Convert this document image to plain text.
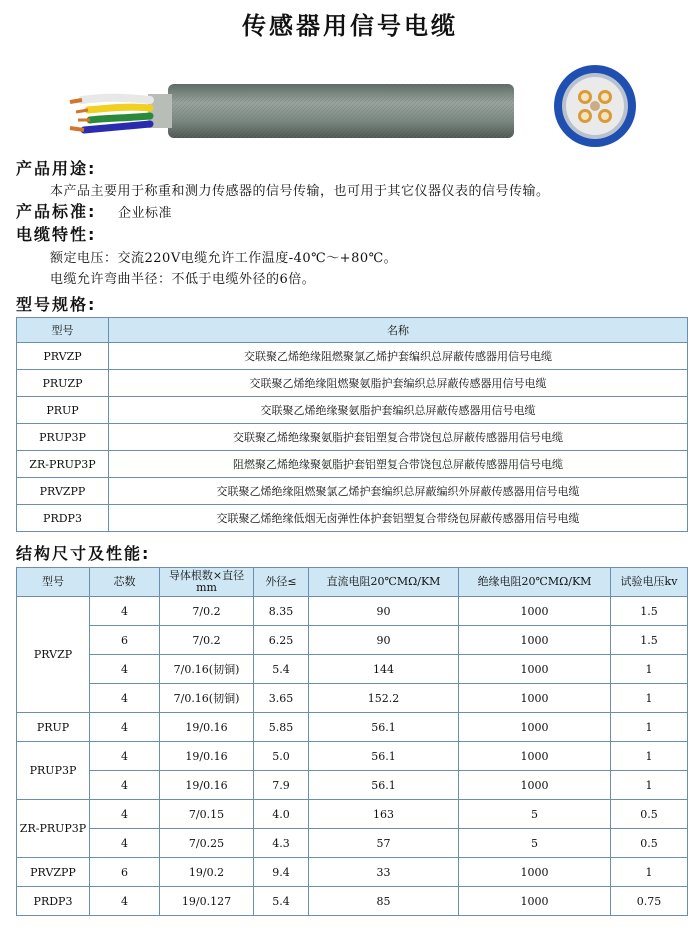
传感器用信号电缆
产品用途:
本产品主要用于称重和测力传感器的信号传输，也可用于其它仪器仪表的信号传输。
产品标准: 企业标准
电缆特性:
额定电压：交流220V电缆允许工作温度-40℃～+80℃。
电缆允许弯曲半径：不低于电缆外径的6倍。
型号规格:
型号	名称
PRVZP	交联聚乙烯绝缘阻燃聚氯乙烯护套编织总屏蔽传感器用信号电缆
PRUZP	交联聚乙烯绝缘阻燃聚氨脂护套编织总屏蔽传感器用信号电缆
PRUP	交联聚乙烯绝缘聚氨脂护套编织总屏蔽传感器用信号电缆
PRUP3P	交联聚乙烯绝缘聚氨脂护套铝塑复合带饶包总屏蔽传感器用信号电缆
ZR-PRUP3P	阻燃聚乙烯绝缘聚氨脂护套铝塑复合带饶包总屏蔽传感器用信号电缆
PRVZPP	交联聚乙烯绝缘阻燃聚氯乙烯护套编织总屏蔽编织外屏蔽传感器用信号电缆
PRDP3	交联聚乙烯绝缘低烟无卤弹性体护套铝塑复合带绕包屏蔽传感器用信号电缆
结构尺寸及性能:
型号	芯数	导体根数×直径 mm	外径≤	直流电阻20℃MΩ/KM	绝缘电阻20℃MΩ/KM	试验电压kv
PRVZP	4	7/0.2	8.35	90	1000	1.5
	6	7/0.2	6.25	90	1000	1.5
	4	7/0.16(韧铜)	5.4	144	1000	1
	4	7/0.16(韧铜)	3.65	152.2	1000	1
PRUP	4	19/0.16	5.85	56.1	1000	1
PRUP3P	4	19/0.16	5.0	56.1	1000	1
	4	19/0.16	7.9	56.1	1000	1
ZR-PRUP3P	4	7/0.15	4.0	163	5	0.5
	4	7/0.25	4.3	57	5	0.5
PRVZPP	6	19/0.2	9.4	33	1000	1
PRDP3	4	19/0.127	5.4	85	1000	0.75
